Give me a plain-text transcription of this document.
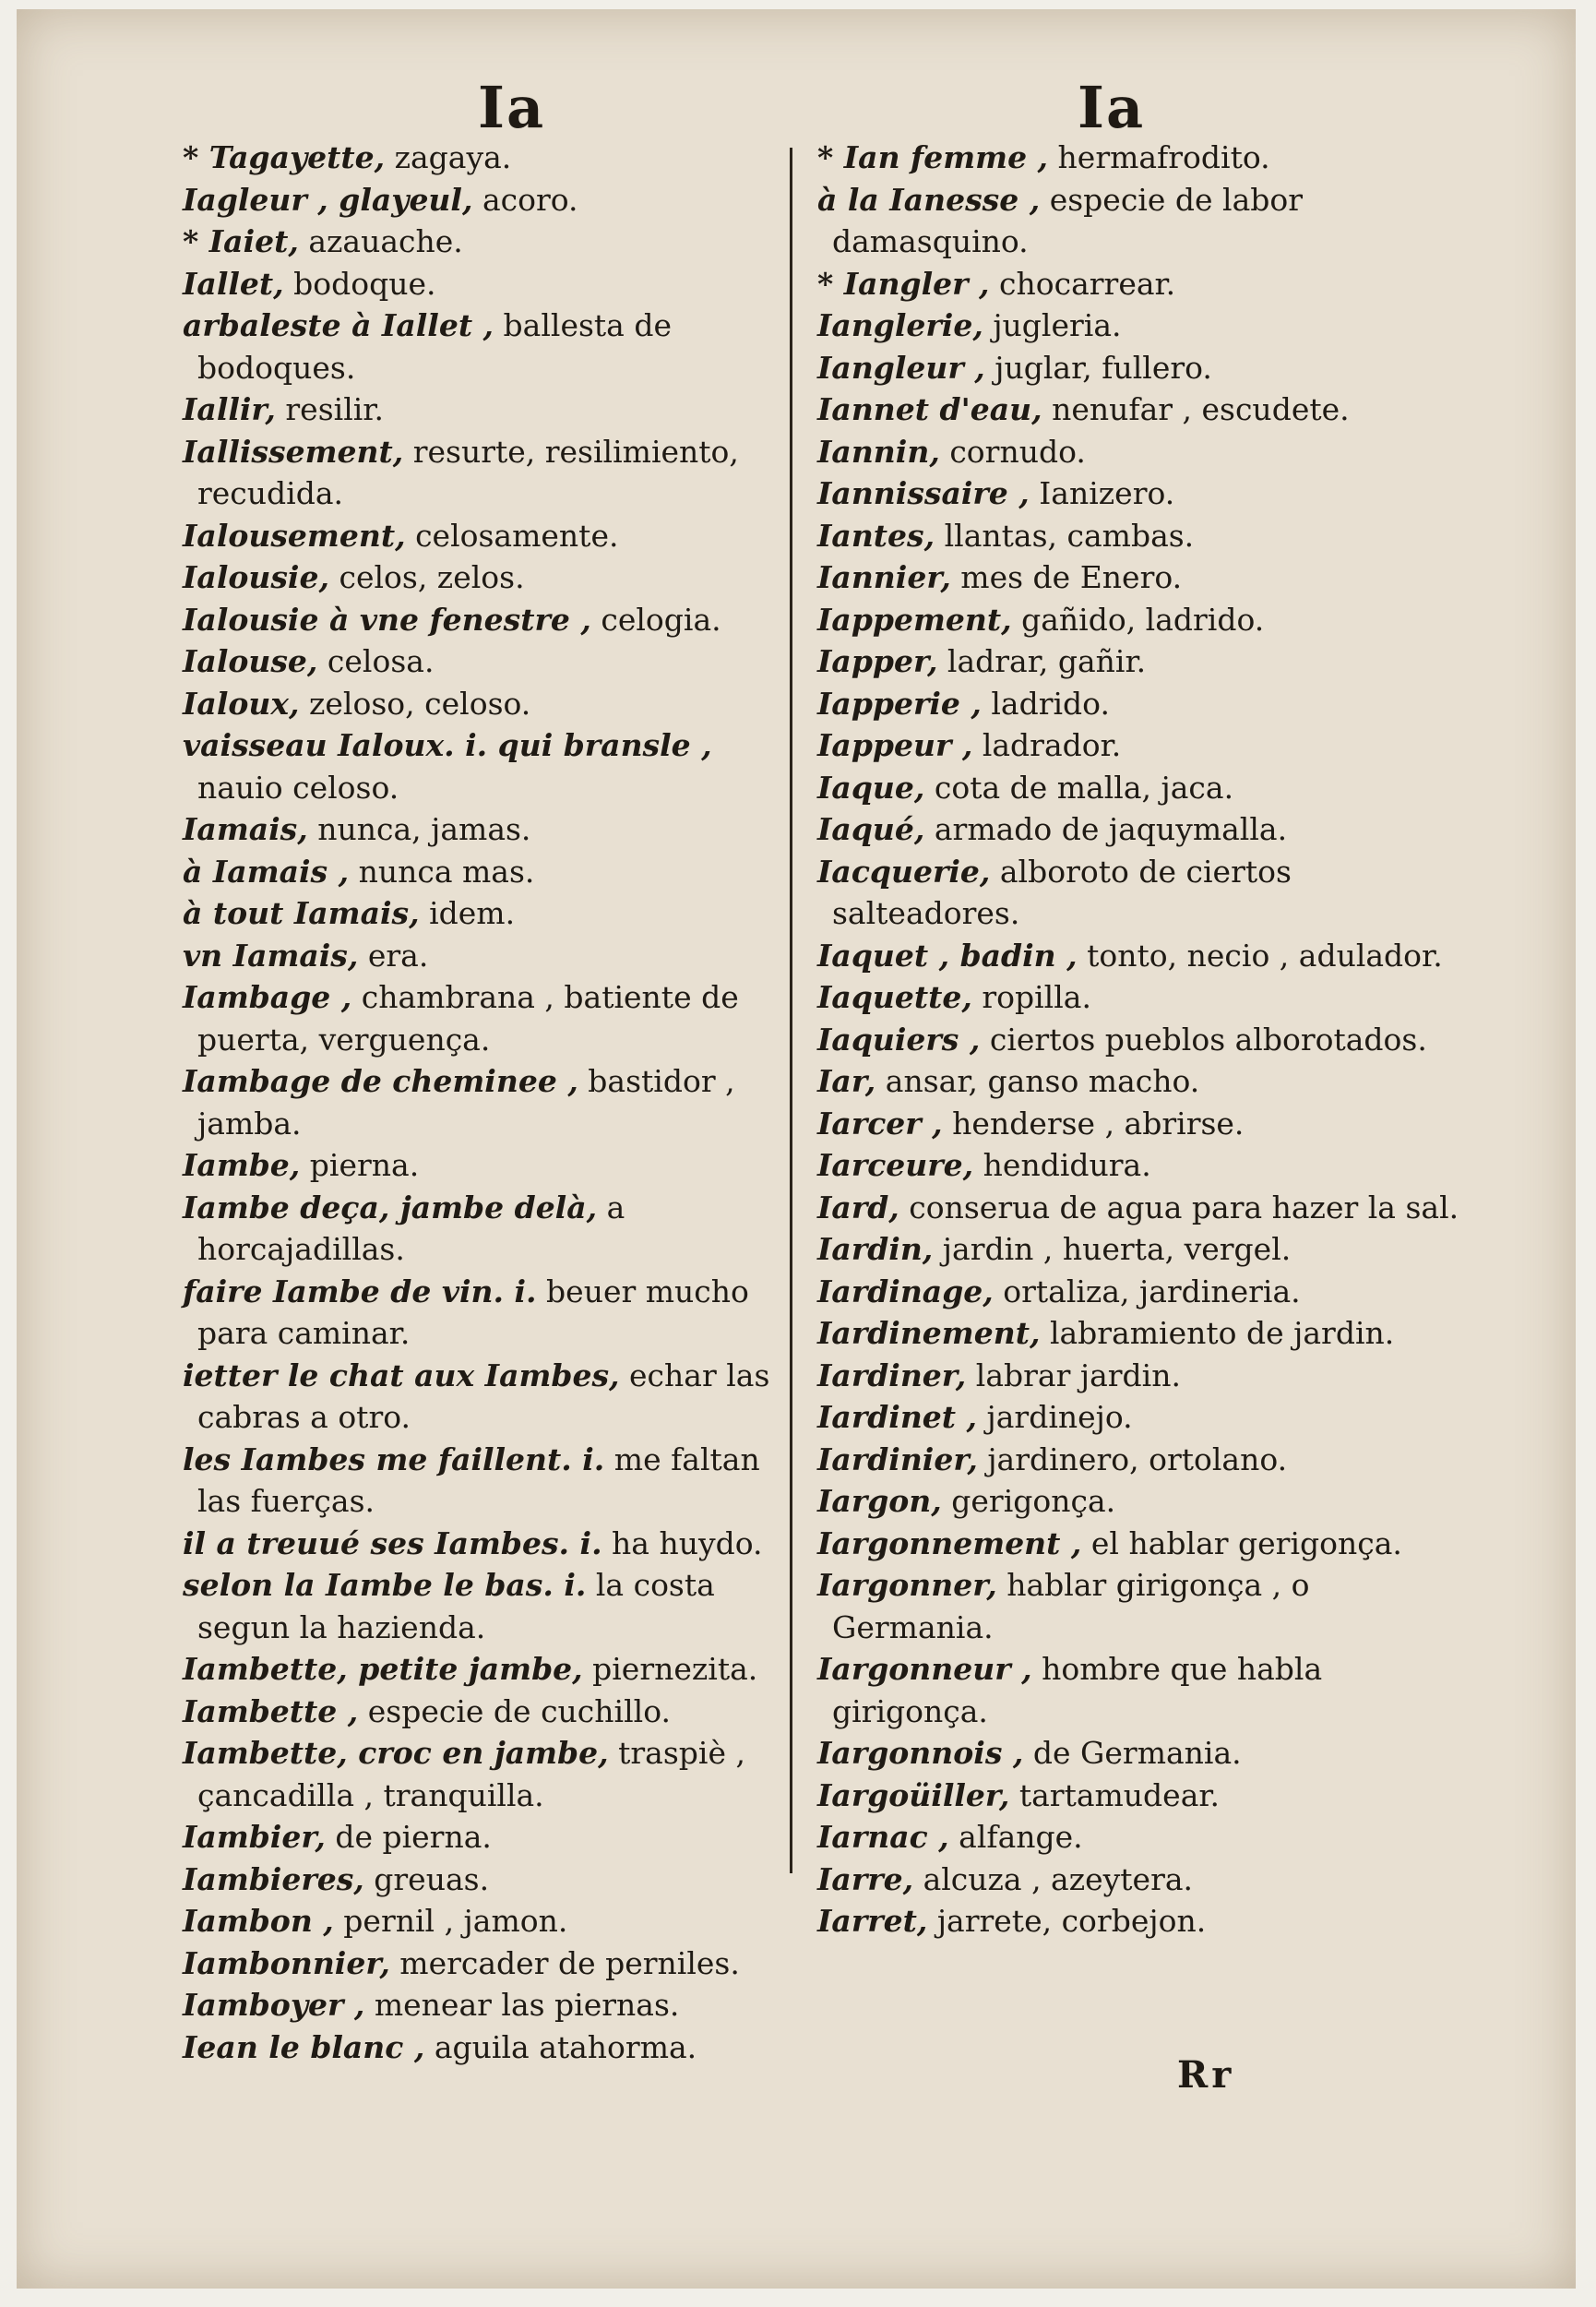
Ia	Ia

* Tagayette, zagaya.

Iagleur , glayeul, acoro.

* Iaiet, azauache.

Iallet, bodoque.

arbaleste à Iallet , ballesta de bodoques.

Iallir, resilir.

Iallissement, resurte, resilimiento, recudida.

Ialousement, celosamente.

Ialousie, celos, zelos.

Ialousie à vne fenestre , celogia.

Ialouse, celosa.

Ialoux, zeloso, celoso.

vaisseau Ialoux. i. qui bransle , nauio celoso.

Iamais, nunca, jamas.

à Iamais , nunca mas.

à tout Iamais, idem.

vn Iamais, era.

Iambage , chambrana , batiente de puerta, verguença.

Iambage de cheminee , bastidor , jamba.

Iambe, pierna.

Iambe deça, jambe delà, a horcajadillas.

faire Iambe de vin. i. beuer mucho para caminar.

ietter le chat aux Iambes, echar las cabras a otro.

les Iambes me faillent. i. me faltan las fuerças.

il a treuué ses Iambes. i. ha huydo.

selon la Iambe le bas. i. la costa segun la hazienda.

Iambette, petite jambe, piernezita.

Iambette , especie de cuchillo.

Iambette, croc en jambe, traspiè , çancadilla , tranquilla.

Iambier, de pierna.

Iambieres, greuas.

Iambon , pernil , jamon.

Iambonnier, mercader de perniles.

Iamboyer , menear las piernas.

Iean le blanc , aguila atahorma.

* Ian femme , hermafrodito.

à la Ianesse , especie de labor damasquino.

* Iangler , chocarrear.

Ianglerie, jugleria.

Iangleur , juglar, fullero.

Iannet d'eau, nenufar , escudete.

Iannin, cornudo.

Iannissaire , Ianizero.

Iantes, llantas, cambas.

Iannier, mes de Enero.

Iappement, gañido, ladrido.

Iapper, ladrar, gañir.

Iapperie , ladrido.

Iappeur , ladrador.

Iaque, cota de malla, jaca.

Iaqué, armado de jaquymalla.

Iacquerie, alboroto de ciertos salteadores.

Iaquet , badin , tonto, necio , adulador.

Iaquette, ropilla.

Iaquiers , ciertos pueblos alborotados.

Iar, ansar, ganso macho.

Iarcer , henderse , abrirse.

Iarceure, hendidura.

Iard, conserua de agua para hazer la sal.

Iardin, jardin , huerta, vergel.

Iardinage, ortaliza, jardineria.

Iardinement, labramiento de jardin.

Iardiner, labrar jardin.

Iardinet , jardinejo.

Iardinier, jardinero, ortolano.

Iargon, gerigonça.

Iargonnement , el hablar gerigonça.

Iargonner, hablar girigonça , o Germania.

Iargonneur , hombre que habla girigonça.

Iargonnois , de Germania.

Iargoüiller, tartamudear.

Iarnac , alfange.

Iarre, alcuza , azeytera.

Iarret, jarrete, corbejon.

Rr
